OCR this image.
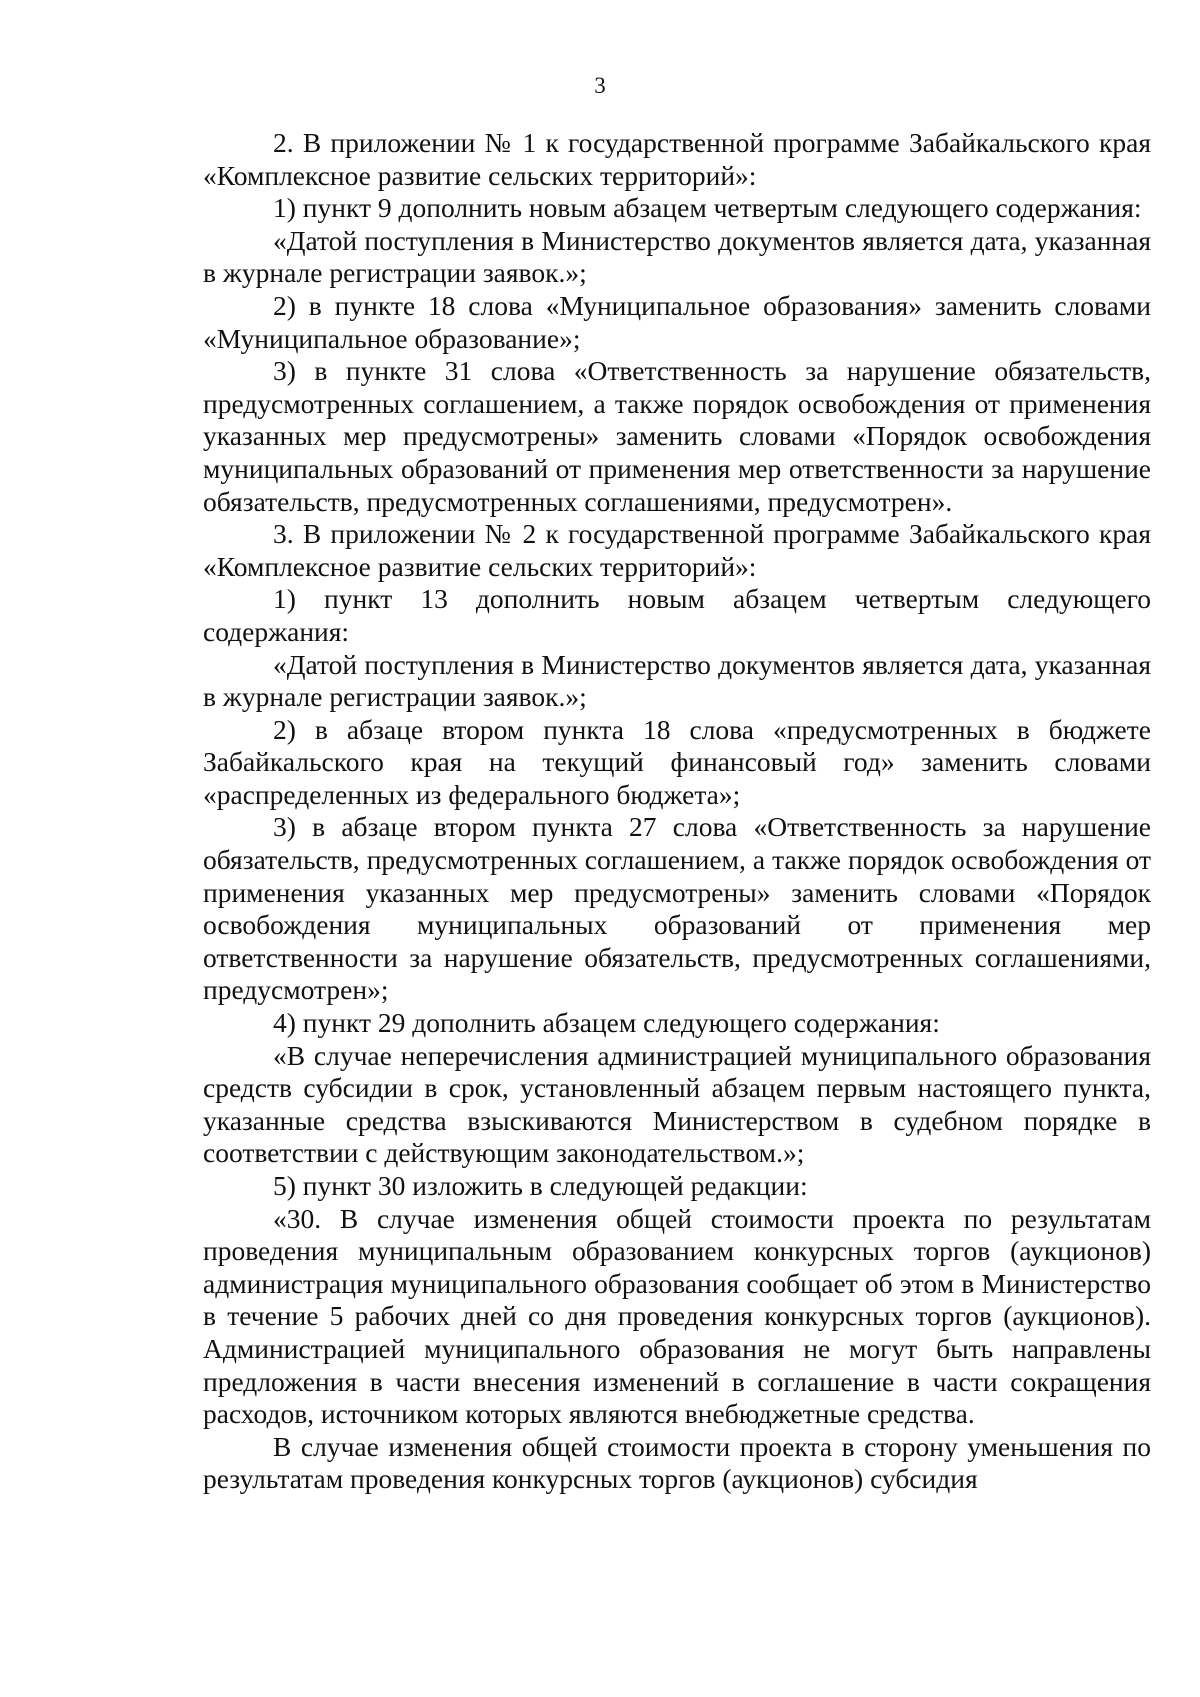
3

2. В приложении № 1 к государственной программе Забайкальского края «Комплексное развитие сельских территорий»:

1) пункт 9 дополнить новым абзацем четвертым следующего содержания:

«Датой поступления в Министерство документов является дата, указанная в журнале регистрации заявок.»;

2) в пункте 18 слова «Муниципальное образования» заменить словами «Муниципальное образование»;

3) в пункте 31 слова «Ответственность за нарушение обязательств, предусмотренных соглашением, а также порядок освобождения от применения указанных мер предусмотрены» заменить словами «Порядок освобождения муниципальных образований от применения мер ответственности за нарушение обязательств, предусмотренных соглашениями, предусмотрен».

3. В приложении № 2 к государственной программе Забайкальского края «Комплексное развитие сельских территорий»:

1) пункт 13 дополнить новым абзацем четвертым следующего содержания:

«Датой поступления в Министерство документов является дата, указанная в журнале регистрации заявок.»;

2) в абзаце втором пункта 18 слова «предусмотренных в бюджете Забайкальского края на текущий финансовый год» заменить словами «распределенных из федерального бюджета»;

3) в абзаце втором пункта 27 слова «Ответственность за нарушение обязательств, предусмотренных соглашением, а также порядок освобождения от применения указанных мер предусмотрены» заменить словами «Порядок освобождения муниципальных образований от применения мер ответственности за нарушение обязательств, предусмотренных соглашениями, предусмотрен»;

4) пункт 29 дополнить абзацем следующего содержания:

«В случае неперечисления администрацией муниципального образования средств субсидии в срок, установленный абзацем первым настоящего пункта, указанные средства взыскиваются Министерством в судебном порядке в соответствии с действующим законодательством.»;

5) пункт 30 изложить в следующей редакции:

«30. В случае изменения общей стоимости проекта по результатам проведения муниципальным образованием конкурсных торгов (аукционов) администрация муниципального образования сообщает об этом в Министерство в течение 5 рабочих дней со дня проведения конкурсных торгов (аукционов). Администрацией муниципального образования не могут быть направлены предложения в части внесения изменений в соглашение в части сокращения расходов, источником которых являются внебюджетные средства.

В случае изменения общей стоимости проекта в сторону уменьшения по результатам проведения конкурсных торгов (аукционов) субсидия
